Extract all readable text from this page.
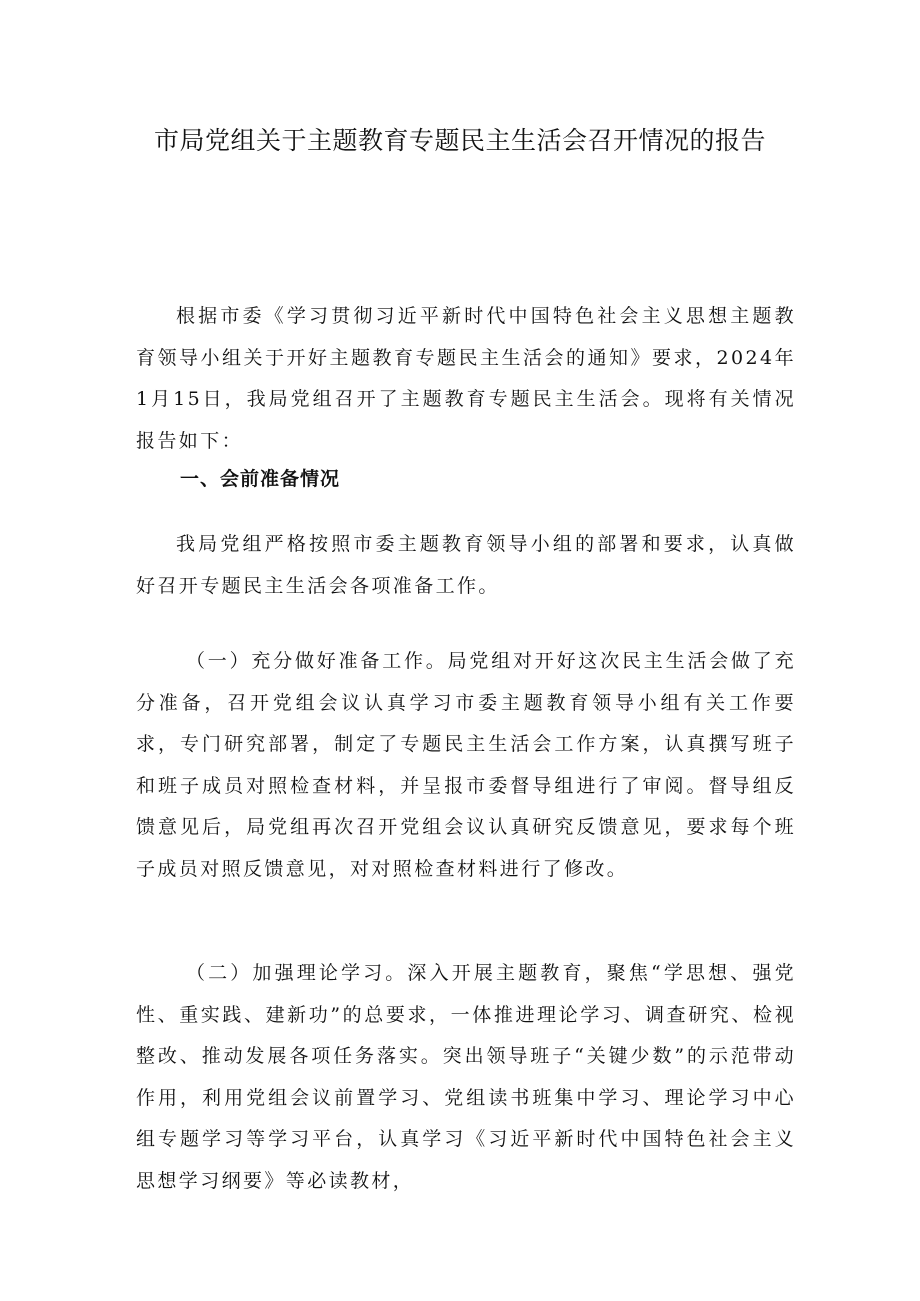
市局党组关于主题教育专题民主生活会召开情况的报告

根据市委《学习贯彻习近平新时代中国特色社会主义思想主题教育领导小组关于开好主题教育专题民主生活会的通知》要求，2024年1月15日，我局党组召开了主题教育专题民主生活会。现将有关情况报告如下：

一、会前准备情况

我局党组严格按照市委主题教育领导小组的部署和要求，认真做好召开专题民主生活会各项准备工作。

（一）充分做好准备工作。局党组对开好这次民主生活会做了充分准备，召开党组会议认真学习市委主题教育领导小组有关工作要求，专门研究部署，制定了专题民主生活会工作方案，认真撰写班子和班子成员对照检查材料，并呈报市委督导组进行了审阅。督导组反馈意见后，局党组再次召开党组会议认真研究反馈意见，要求每个班子成员对照反馈意见，对对照检查材料进行了修改。

（二）加强理论学习。深入开展主题教育，聚焦“学思想、强党性、重实践、建新功”的总要求，一体推进理论学习、调查研究、检视整改、推动发展各项任务落实。突出领导班子“关键少数”的示范带动作用，利用党组会议前置学习、党组读书班集中学习、理论学习中心组专题学习等学习平台，认真学习《习近平新时代中国特色社会主义思想学习纲要》等必读教材，
